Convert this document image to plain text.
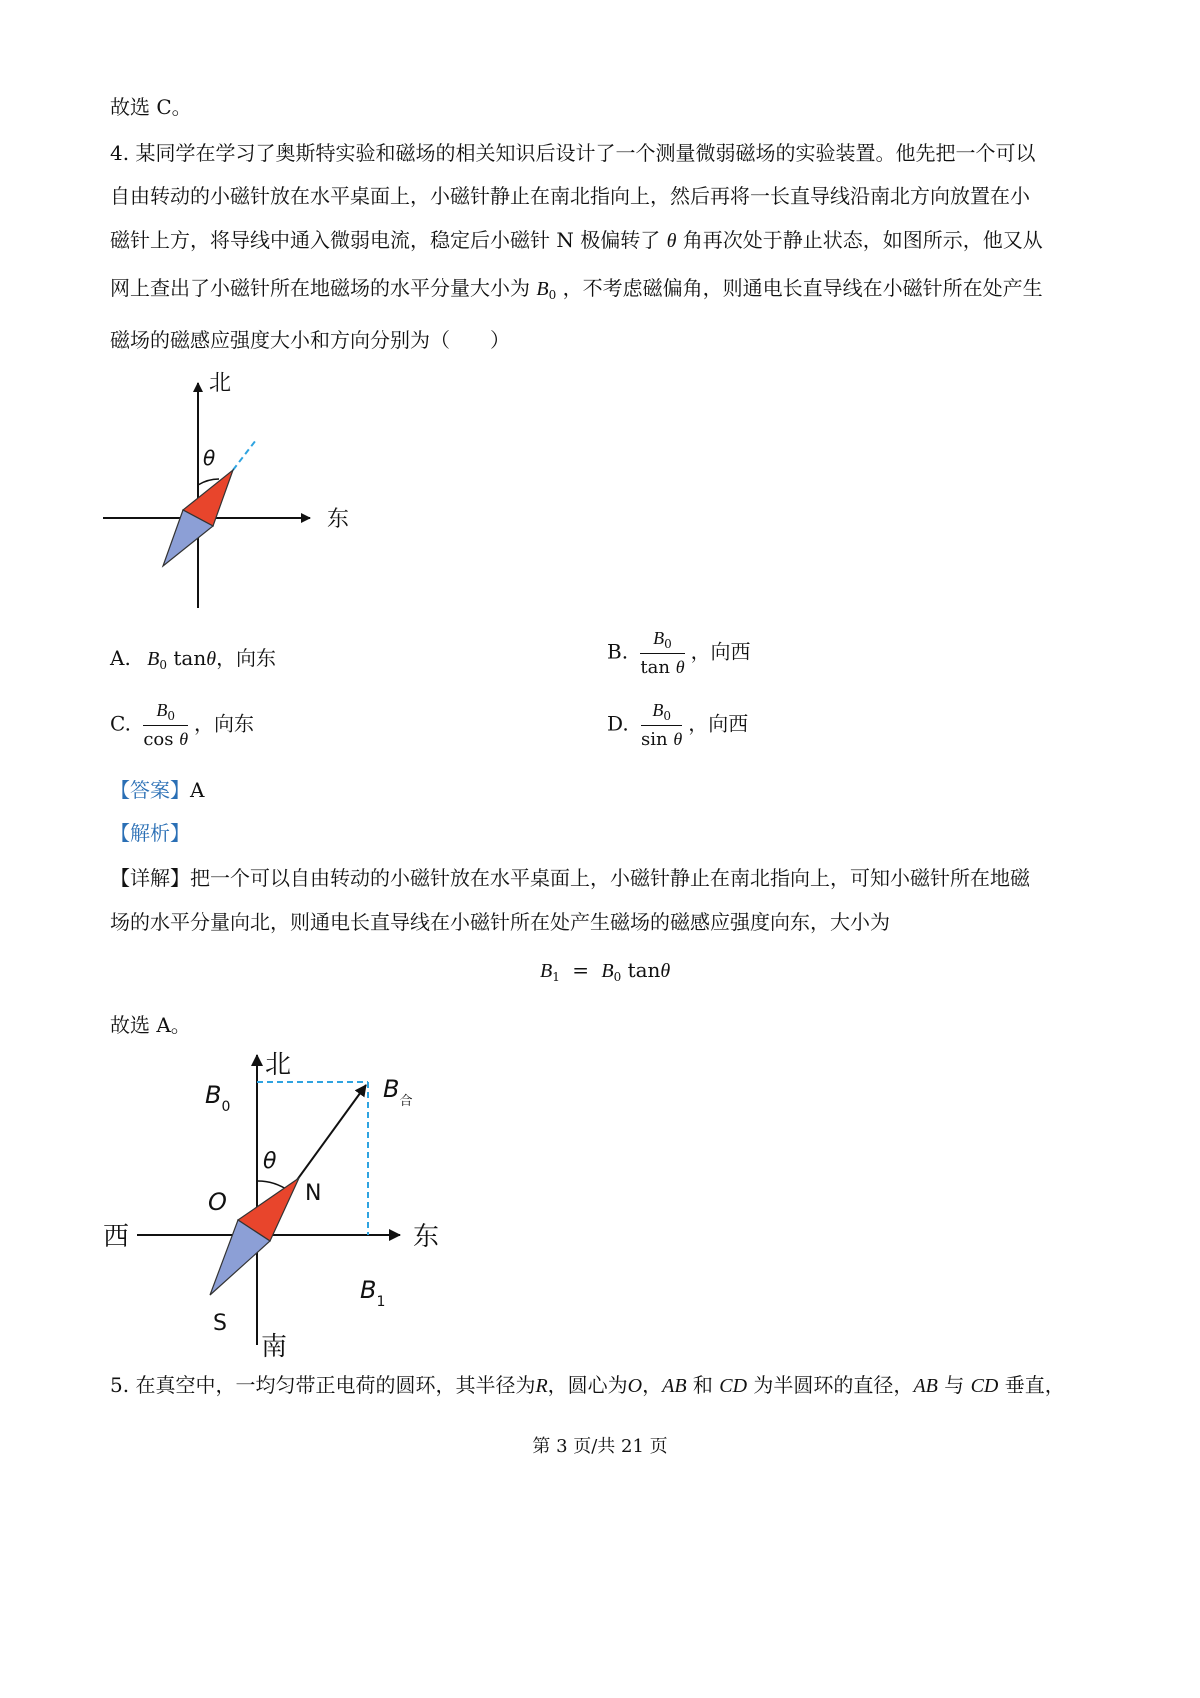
故选 C。
4. 某同学在学习了奥斯特实验和磁场的相关知识后设计了一个测量微弱磁场的实验装置。他先把一个可以
自由转动的小磁针放在水平桌面上，小磁针静止在南北指向上，然后再将一长直导线沿南北方向放置在小
磁针上方，将导线中通入微弱电流，稳定后小磁针 N 极偏转了 θ 角再次处于静止状态，如图所示，他又从
网上查出了小磁针所在地磁场的水平分量大小为 $B_0$ ，不考虑磁偏角，则通电长直导线在小磁针所在处产生
磁场的磁感应强度大小和方向分别为（　　）
北
东
θ
A. $B_0$ tanθ，向东	B. $\frac{B_0}{\text{tan θ}}$ ，向西
C. $\frac{B_0}{\text{cos θ}}$ ，向东	D. $\frac{B_0}{\text{sin θ}}$ ，向西
【答案】A
【解析】
【详解】把一个可以自由转动的小磁针放在水平桌面上，小磁针静止在南北指向上，可知小磁针所在地磁
场的水平分量向北，则通电长直导线在小磁针所在处产生磁场的磁感应强度向东，大小为
$B_1 = B_0$ tanθ
故选 A。
北
南
东
西
$B_0$
$B_合$
$B_1$
θ
O	N
S
5. 在真空中，一均匀带正电荷的圆环，其半径为R，圆心为O，AB 和 CD 为半圆环的直径，AB 与 CD 垂直，
第 3 页/共 21 页
